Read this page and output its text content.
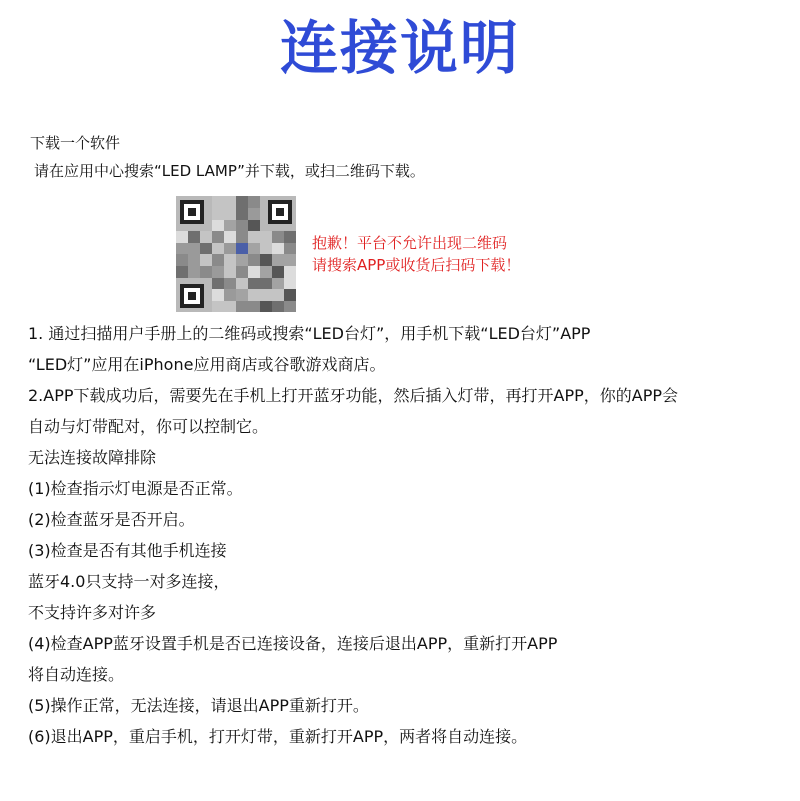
连接说明
下载一个软件
请在应用中心搜索“LED LAMP”并下载，或扫二维码下载。
抱歉！平台不允许出现二维码
请搜索APP或收货后扫码下载！
1. 通过扫描用户手册上的二维码或搜索“LED台灯”，用手机下载“LED台灯”APP
“LED灯”应用在iPhone应用商店或谷歌游戏商店。
2.APP下载成功后，需要先在手机上打开蓝牙功能，然后插入灯带，再打开APP，你的APP会
自动与灯带配对，你可以控制它。
无法连接故障排除
(1)检查指示灯电源是否正常。
(2)检查蓝牙是否开启。
(3)检查是否有其他手机连接
蓝牙4.0只支持一对多连接，
不支持许多对许多
(4)检查APP蓝牙设置手机是否已连接设备，连接后退出APP，重新打开APP
将自动连接。
(5)操作正常，无法连接，请退出APP重新打开。
(6)退出APP，重启手机，打开灯带，重新打开APP，两者将自动连接。
